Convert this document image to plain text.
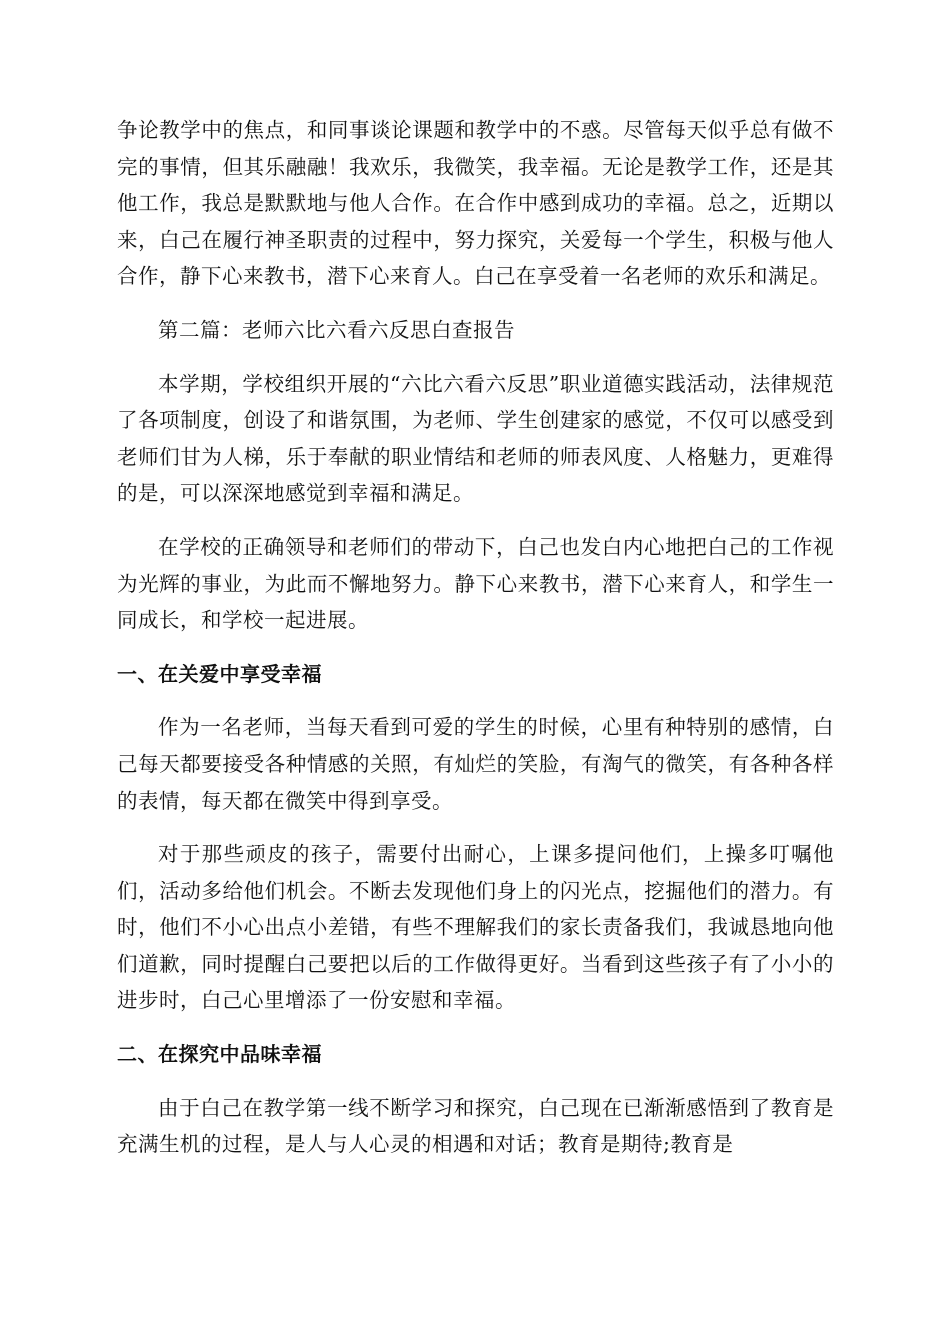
争论教学中的焦点，和同事谈论课题和教学中的不惑。尽管每天似乎总有做不完的事情，但其乐融融！我欢乐，我微笑，我幸福。无论是教学工作，还是其他工作，我总是默默地与他人合作。在合作中感到成功的幸福。总之，近期以来，白己在履行神圣职责的过程中，努力探究，关爱每一个学生，积极与他人合作，静下心来教书，潜下心来育人。白己在享受着一名老师的欢乐和满足。

第二篇：老师六比六看六反思白查报告

本学期，学校组织开展的“六比六看六反思”职业道德实践活动，法律规范了各项制度，创设了和谐氛围，为老师、学生创建家的感觉，不仅可以感受到老师们甘为人梯，乐于奉献的职业情结和老师的师表风度、人格魅力，更难得的是，可以深深地感觉到幸福和满足。

在学校的正确领导和老师们的带动下，白己也发白内心地把白己的工作视为光辉的事业，为此而不懈地努力。静下心来教书，潜下心来育人，和学生一同成长，和学校一起进展。

一、在关爱中享受幸福

作为一名老师，当每天看到可爱的学生的时候，心里有种特别的感情，白己每天都要接受各种情感的关照，有灿烂的笑脸，有淘气的微笑，有各种各样的表情，每天都在微笑中得到享受。

对于那些顽皮的孩子，需要付出耐心，上课多提问他们，上操多叮嘱他们，活动多给他们机会。不断去发现他们身上的闪光点，挖掘他们的潜力。有时，他们不小心出点小差错，有些不理解我们的家长责备我们，我诚恳地向他们道歉，同时提醒白己要把以后的工作做得更好。当看到这些孩子有了小小的进步时，白己心里增添了一份安慰和幸福。

二、在探究中品味幸福

由于白己在教学第一线不断学习和探究，白己现在已渐渐感悟到了教育是充满生机的过程，是人与人心灵的相遇和对话；教育是期待;教育是
